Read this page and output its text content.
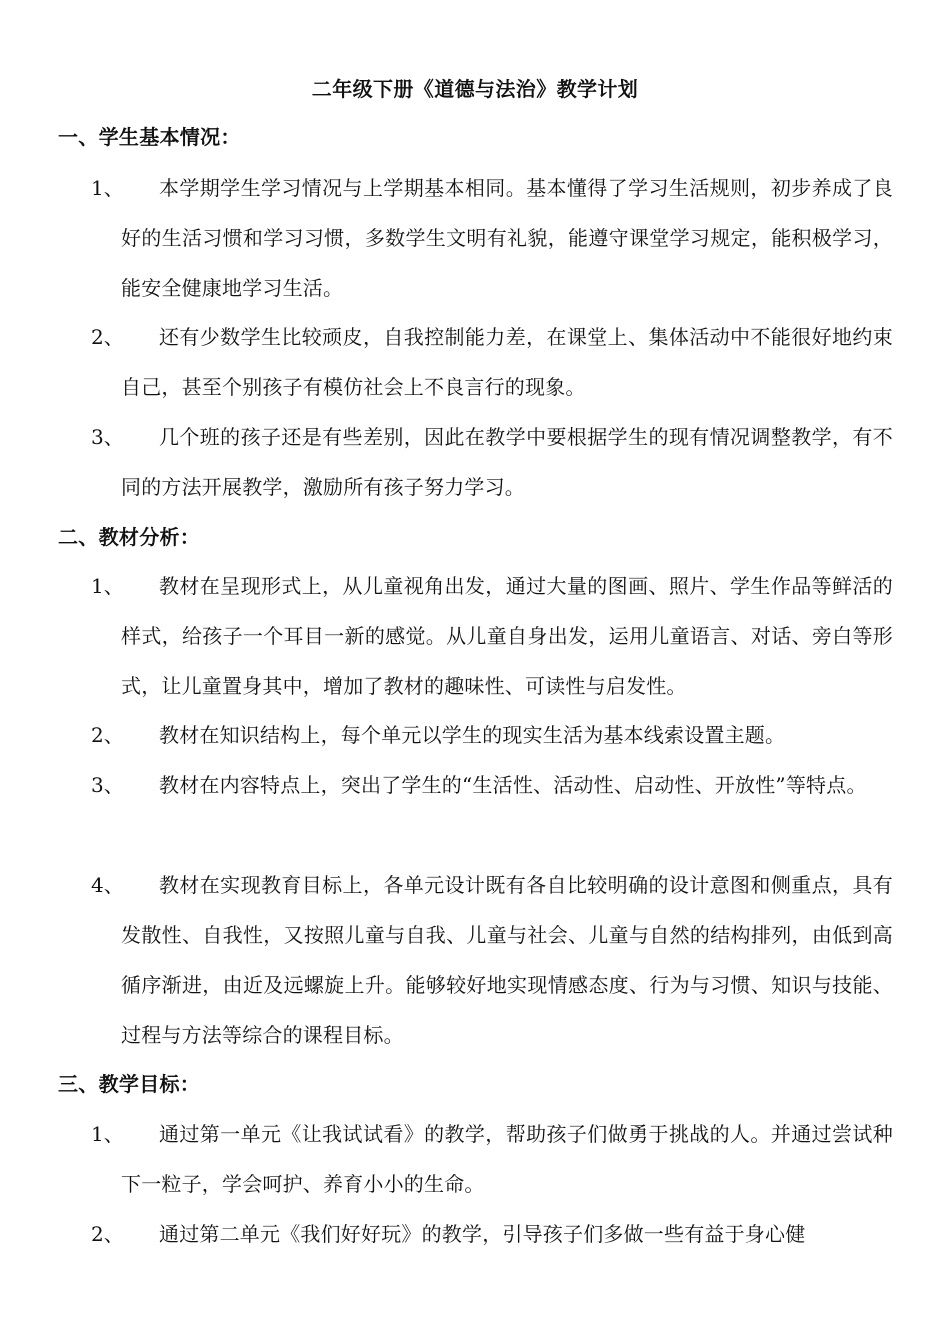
二年级下册《道德与法治》教学计划
一、学生基本情况：
1、	本学期学生学习情况与上学期基本相同。基本懂得了学习生活规则，初步养成了良好的生活习惯和学习习惯，多数学生文明有礼貌，能遵守课堂学习规定，能积极学习，能安全健康地学习生活。
2、	还有少数学生比较顽皮，自我控制能力差，在课堂上、集体活动中不能很好地约束自己，甚至个别孩子有模仿社会上不良言行的现象。
3、	几个班的孩子还是有些差别，因此在教学中要根据学生的现有情况调整教学，有不同的方法开展教学，激励所有孩子努力学习。
二、教材分析：
1、	教材在呈现形式上，从儿童视角出发，通过大量的图画、照片、学生作品等鲜活的样式，给孩子一个耳目一新的感觉。从儿童自身出发，运用儿童语言、对话、旁白等形式，让儿童置身其中，增加了教材的趣味性、可读性与启发性。
2、	教材在知识结构上，每个单元以学生的现实生活为基本线索设置主题。
3、	教材在内容特点上，突出了学生的“生活性、活动性、启动性、开放性”等特点。
4、	教材在实现教育目标上，各单元设计既有各自比较明确的设计意图和侧重点，具有发散性、自我性，又按照儿童与自我、儿童与社会、儿童与自然的结构排列，由低到高循序渐进，由近及远螺旋上升。能够较好地实现情感态度、行为与习惯、知识与技能、过程与方法等综合的课程目标。
三、教学目标：
1、	通过第一单元《让我试试看》的教学，帮助孩子们做勇于挑战的人。并通过尝试种下一粒子，学会呵护、养育小小的生命。
2、	通过第二单元《我们好好玩》的教学，引导孩子们多做一些有益于身心健
